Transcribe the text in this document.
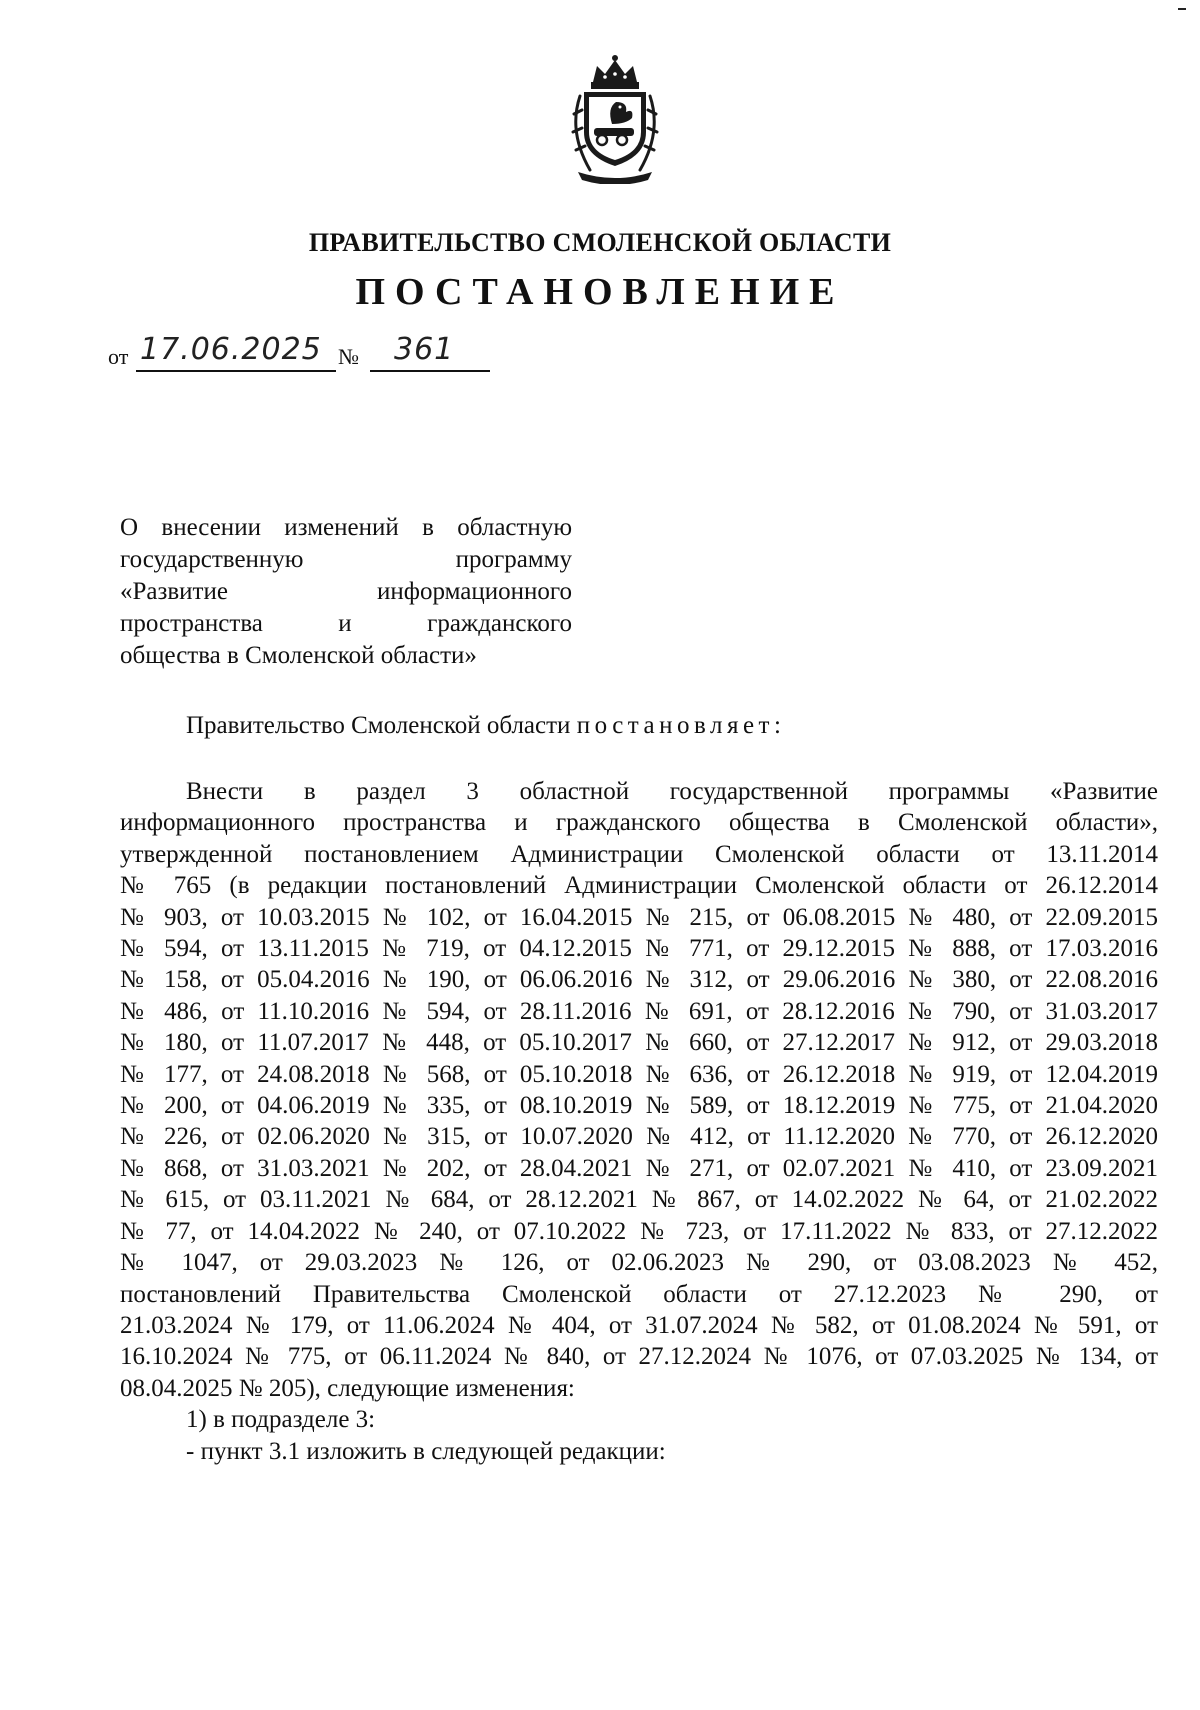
ПРАВИТЕЛЬСТВО СМОЛЕНСКОЙ ОБЛАСТИ
ПОСТАНОВЛЕНИЕ
от 17.06.2025 № 361
О внесении изменений в областную
государственную программу
«Развитие информационного
пространства и гражданского
общества в Смоленской области»
Правительство Смоленской области постановляет:
Внести в раздел 3 областной государственной программы «Развитие
информационного пространства и гражданского общества в Смоленской области»,
утвержденной постановлением Администрации Смоленской области от 13.11.2014
№ 765 (в редакции постановлений Администрации Смоленской области от 26.12.2014
№ 903, от 10.03.2015 № 102, от 16.04.2015 № 215, от 06.08.2015 № 480, от 22.09.2015
№ 594, от 13.11.2015 № 719, от 04.12.2015 № 771, от 29.12.2015 № 888, от 17.03.2016
№ 158, от 05.04.2016 № 190, от 06.06.2016 № 312, от 29.06.2016 № 380, от 22.08.2016
№ 486, от 11.10.2016 № 594, от 28.11.2016 № 691, от 28.12.2016 № 790, от 31.03.2017
№ 180, от 11.07.2017 № 448, от 05.10.2017 № 660, от 27.12.2017 № 912, от 29.03.2018
№ 177, от 24.08.2018 № 568, от 05.10.2018 № 636, от 26.12.2018 № 919, от 12.04.2019
№ 200, от 04.06.2019 № 335, от 08.10.2019 № 589, от 18.12.2019 № 775, от 21.04.2020
№ 226, от 02.06.2020 № 315, от 10.07.2020 № 412, от 11.12.2020 № 770, от 26.12.2020
№ 868, от 31.03.2021 № 202, от 28.04.2021 № 271, от 02.07.2021 № 410, от 23.09.2021
№ 615, от 03.11.2021 № 684, от 28.12.2021 № 867, от 14.02.2022 № 64, от 21.02.2022
№ 77, от 14.04.2022 № 240, от 07.10.2022 № 723, от 17.11.2022 № 833, от 27.12.2022
№ 1047, от 29.03.2023 № 126, от 02.06.2023 № 290, от 03.08.2023 № 452,
постановлений Правительства Смоленской области от 27.12.2023 № 290, от
21.03.2024 № 179, от 11.06.2024 № 404, от 31.07.2024 № 582, от 01.08.2024 № 591, от
16.10.2024 № 775, от 06.11.2024 № 840, от 27.12.2024 № 1076, от 07.03.2025 № 134, от
08.04.2025 № 205), следующие изменения:
1) в подразделе 3:
- пункт 3.1 изложить в следующей редакции:
